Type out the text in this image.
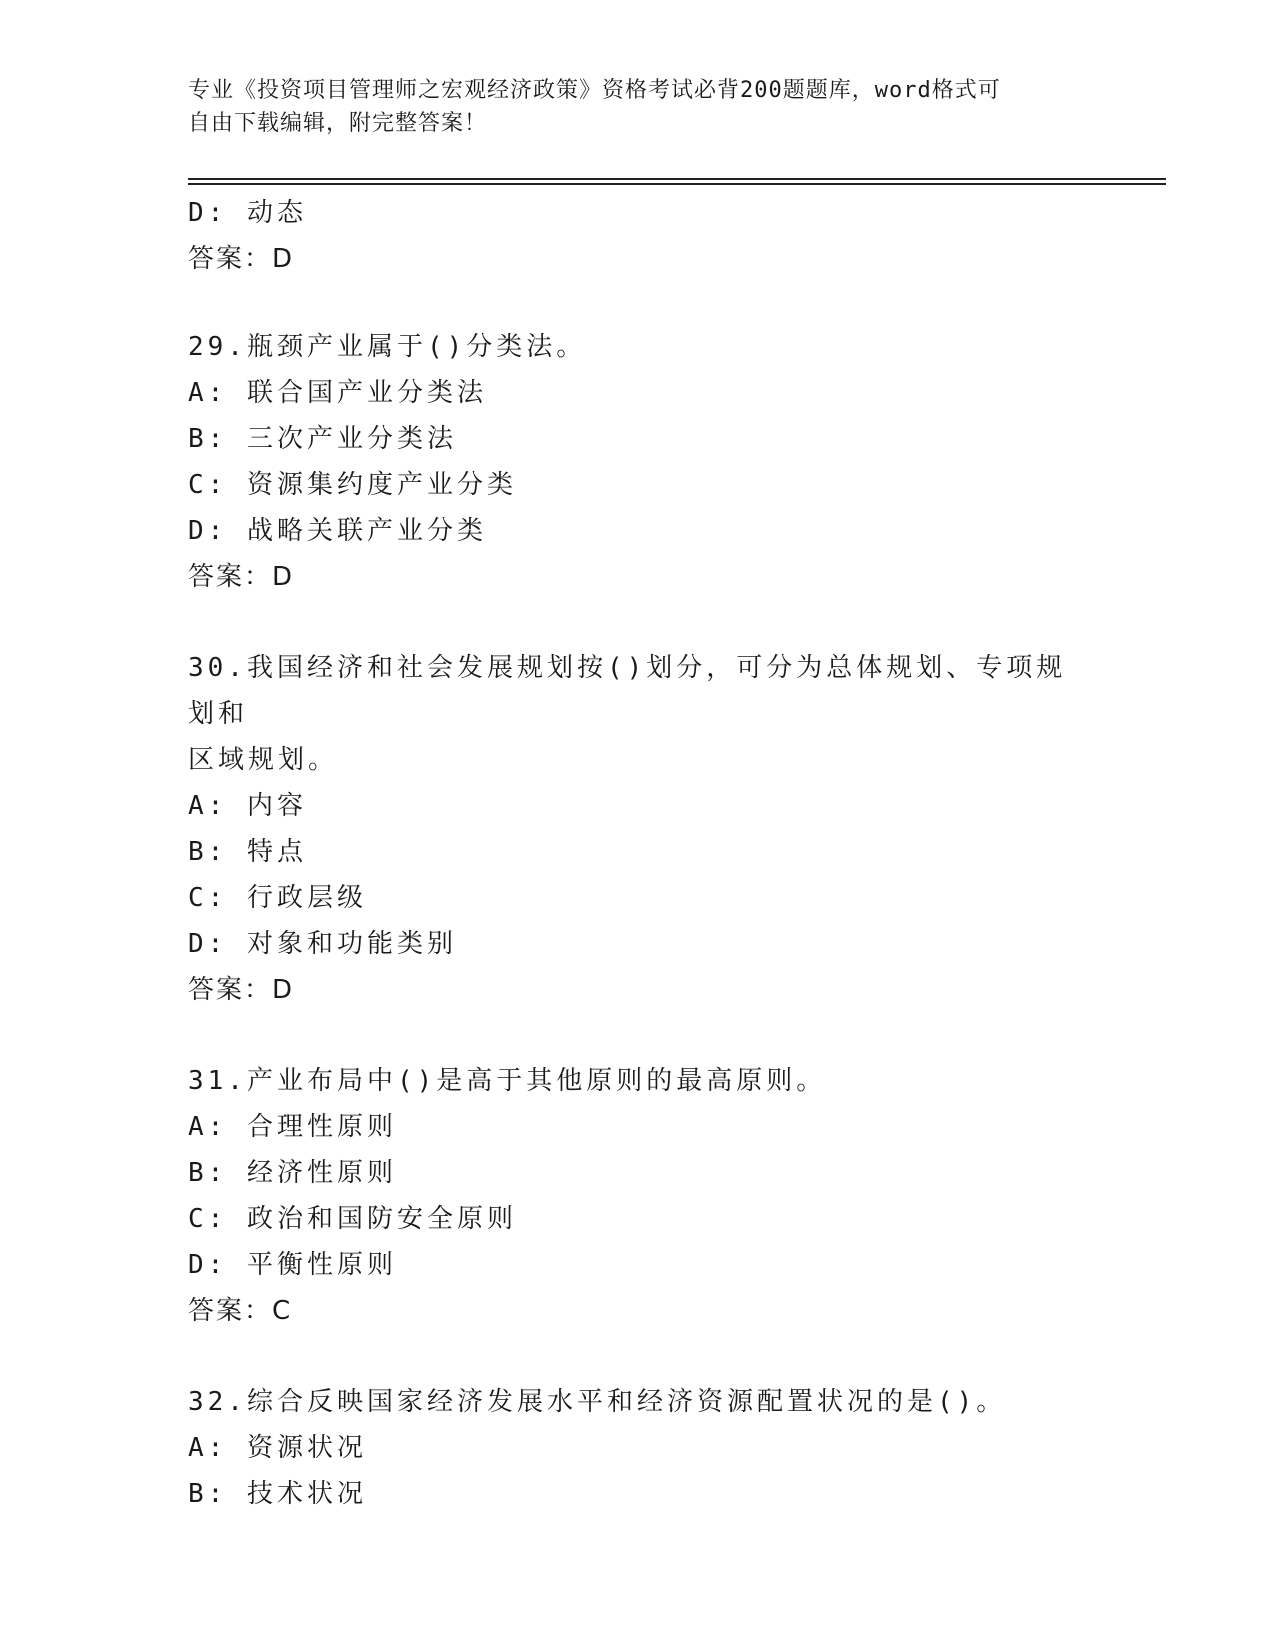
专业《投资项目管理师之宏观经济政策》资格考试必背200题题库，word格式可
自由下载编辑，附完整答案！
D: 动态
答案：D
29.瓶颈产业属于()分类法。
A: 联合国产业分类法
B: 三次产业分类法
C: 资源集约度产业分类
D: 战略关联产业分类
答案：D
30.我国经济和社会发展规划按()划分，可分为总体规划、专项规划和
区域规划。
A: 内容
B: 特点
C: 行政层级
D: 对象和功能类别
答案：D
31.产业布局中()是高于其他原则的最高原则。
A: 合理性原则
B: 经济性原则
C: 政治和国防安全原则
D: 平衡性原则
答案：C
32.综合反映国家经济发展水平和经济资源配置状况的是()。
A: 资源状况
B: 技术状况
